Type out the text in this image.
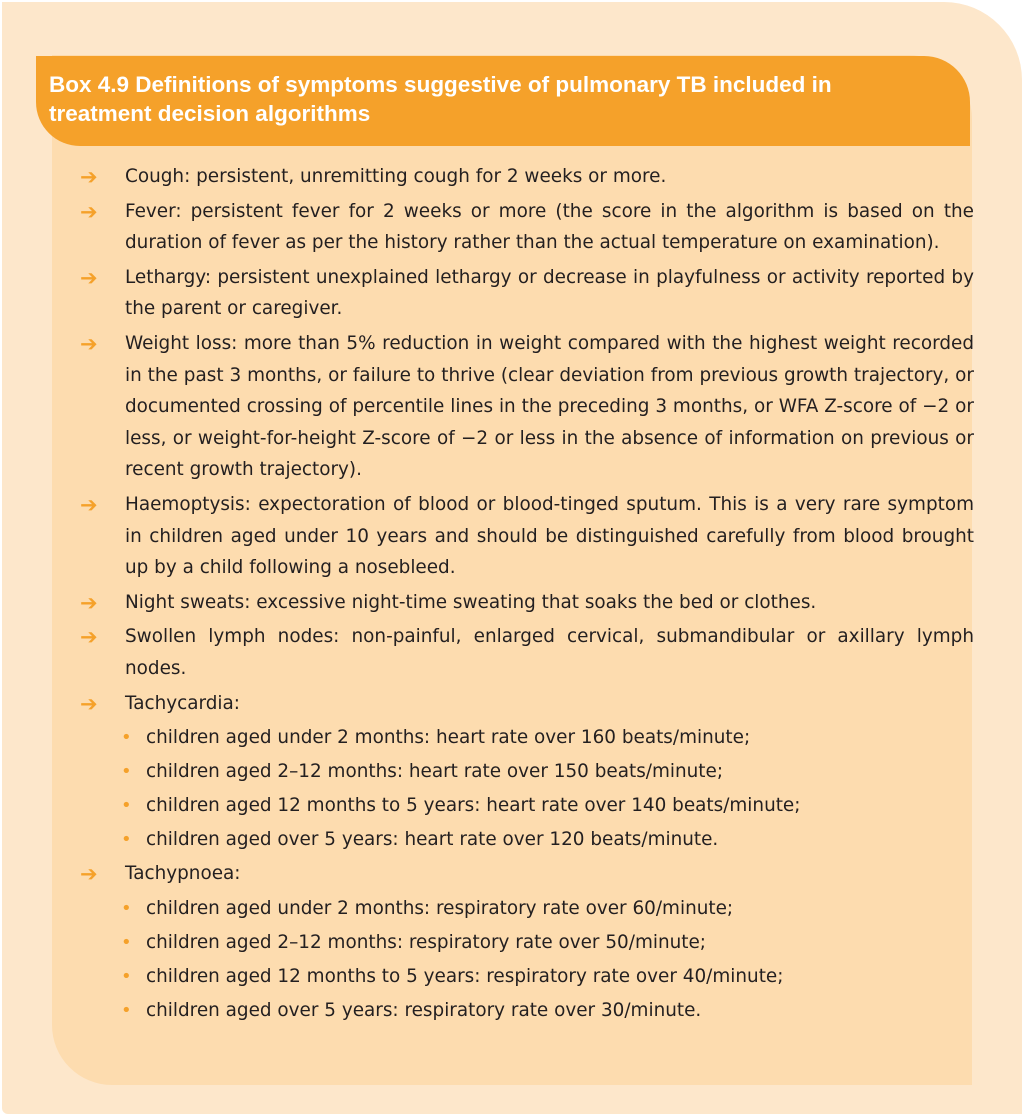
Box 4.9 Definitions of symptoms suggestive of pulmonary TB included in
treatment decision algorithms
➔ Cough: persistent, unremitting cough for 2 weeks or more.
➔ Fever: persistent fever for 2 weeks or more (the score in the algorithm is based on the duration of fever as per the history rather than the actual temperature on examination).
➔ Lethargy: persistent unexplained lethargy or decrease in playfulness or activity reported by the parent or caregiver.
➔ Weight loss: more than 5% reduction in weight compared with the highest weight recorded in the past 3 months, or failure to thrive (clear deviation from previous growth trajectory, or documented crossing of percentile lines in the preceding 3 months, or WFA Z-score of −2 or less, or weight-for-height Z-score of −2 or less in the absence of information on previous or recent growth trajectory).
➔ Haemoptysis: expectoration of blood or blood-tinged sputum. This is a very rare symptom in children aged under 10 years and should be distinguished carefully from blood brought up by a child following a nosebleed.
➔ Night sweats: excessive night-time sweating that soaks the bed or clothes.
➔ Swollen lymph nodes: non-painful, enlarged cervical, submandibular or axillary lymph nodes.
➔ Tachycardia:
• children aged under 2 months: heart rate over 160 beats/minute;
• children aged 2–12 months: heart rate over 150 beats/minute;
• children aged 12 months to 5 years: heart rate over 140 beats/minute;
• children aged over 5 years: heart rate over 120 beats/minute.
➔ Tachypnoea:
• children aged under 2 months: respiratory rate over 60/minute;
• children aged 2–12 months: respiratory rate over 50/minute;
• children aged 12 months to 5 years: respiratory rate over 40/minute;
• children aged over 5 years: respiratory rate over 30/minute.
